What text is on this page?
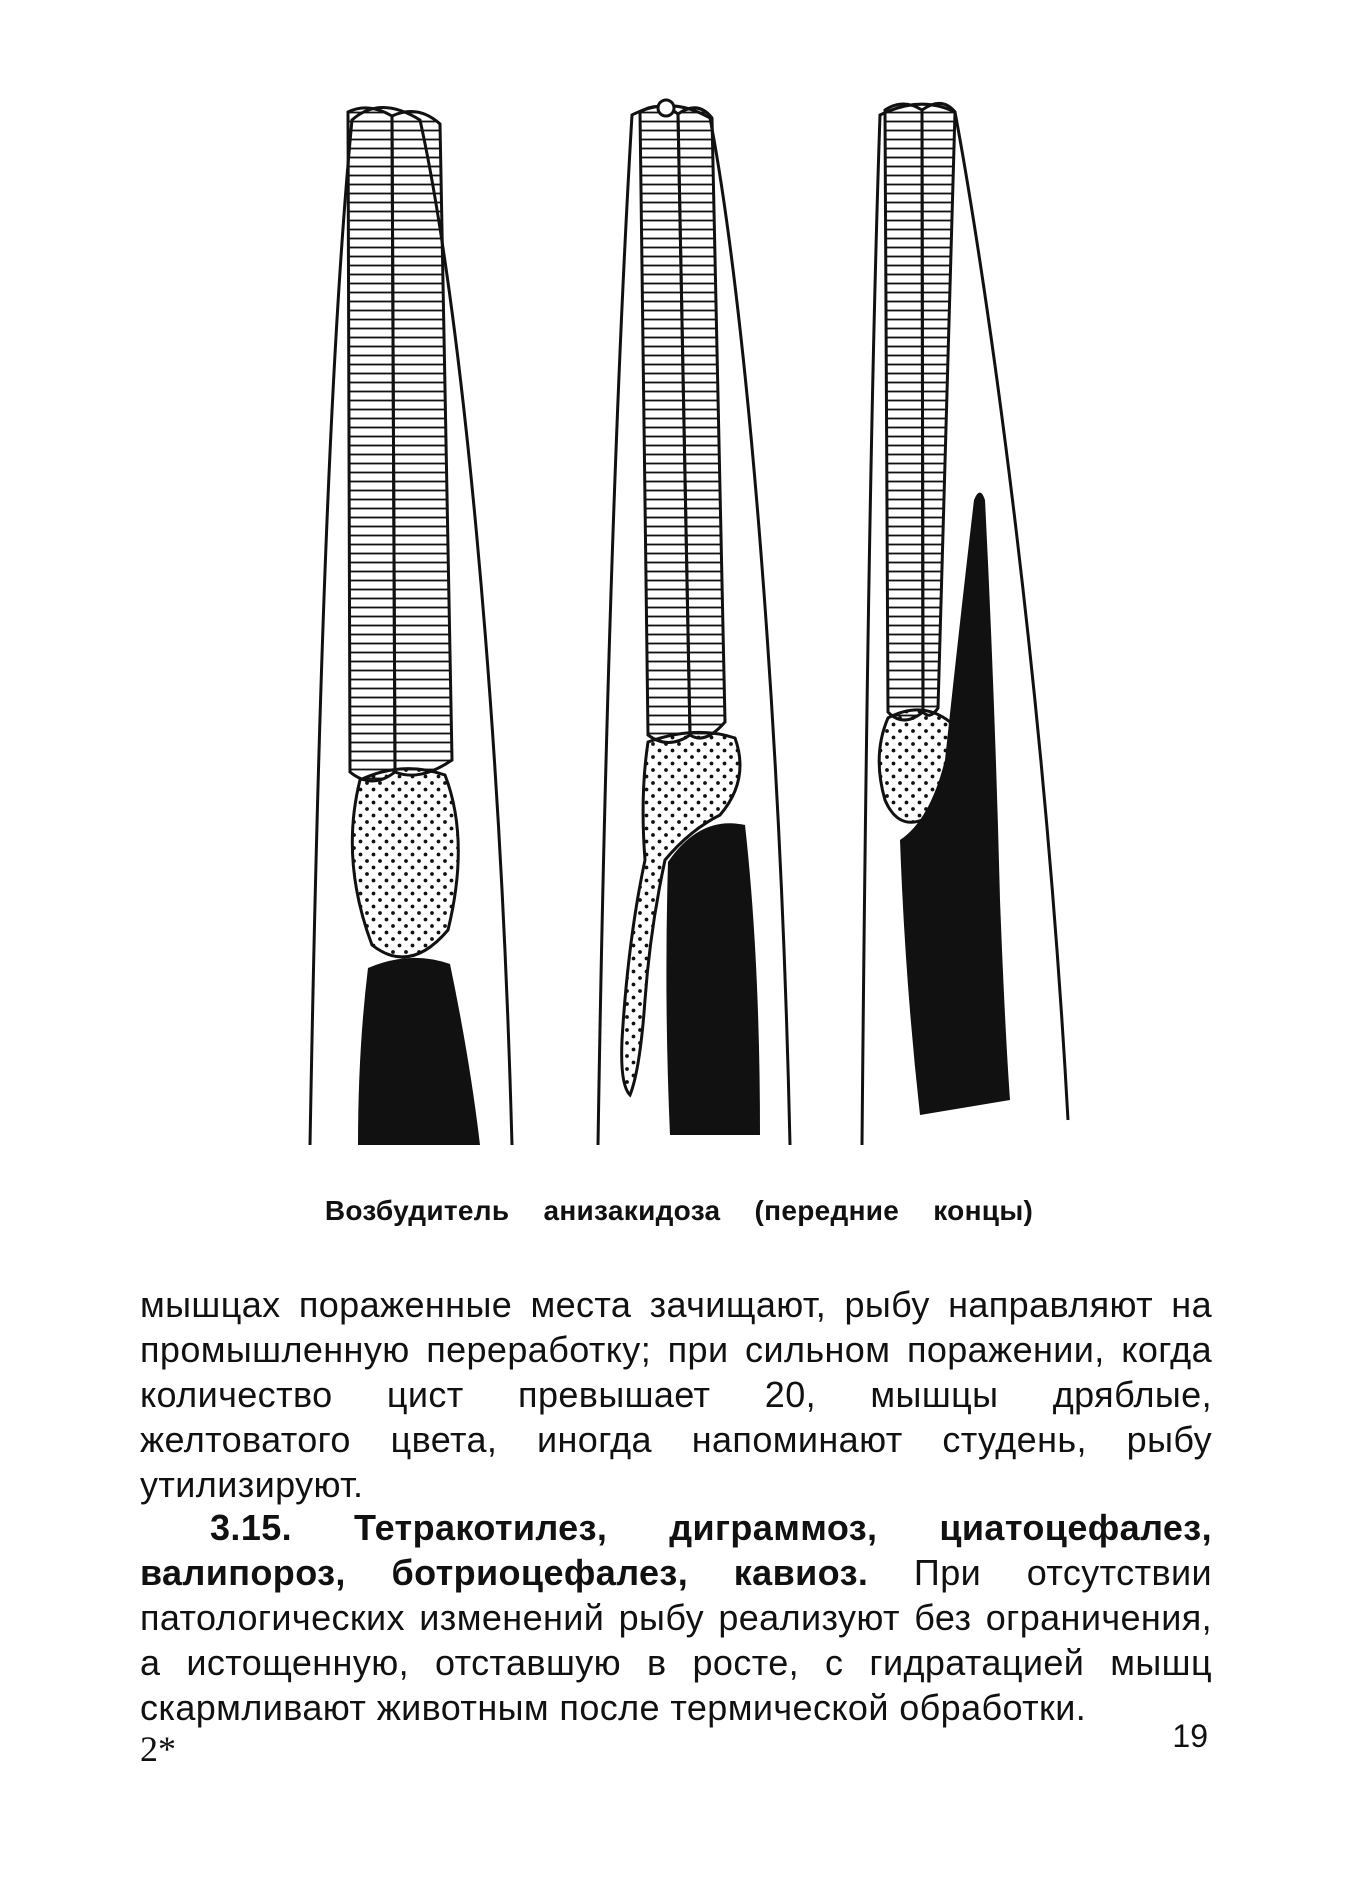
Возбудитель анизакидоза (передние концы)
мышцах пораженные места зачищают, рыбу направляют на промышленную переработку; при сильном поражении, когда количество цист превышает 20, мышцы дряблые, желтоватого цвета, иногда напоминают студень, рыбу утилизируют.
3.15. Тетракотилез, диграммоз, циатоцефалез, валипороз, ботриоцефалез, кавиоз. При отсутствии патологических изменений рыбу реализуют без ограничения, а истощенную, отставшую в росте, с гидратацией мышц скармливают животным после термической обработки.
2*	19
